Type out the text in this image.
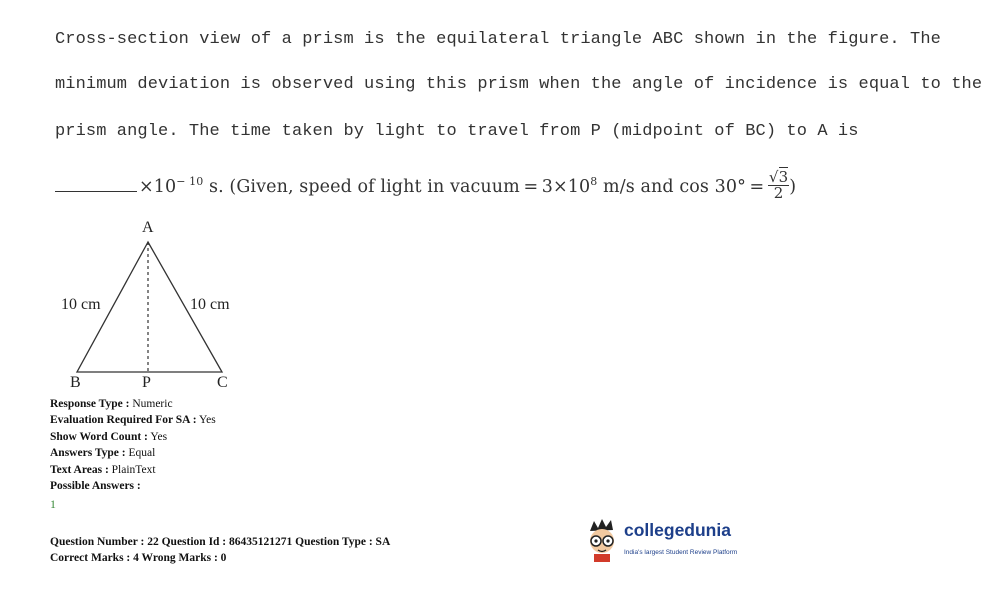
Cross-section view of a prism is the equilateral triangle ABC shown in the figure. The
minimum deviation is observed using this prism when the angle of incidence is equal to the
prism angle. The time taken by light to travel from P (midpoint of BC) to A is
$\times 10^{- 10}$ s. (Given, speed of light in vacuum = $3\times 10^8$ m/s and $\cos 30^\circ = \frac{√3}{2}$ )
A
B	P	C
10 cm	10 cm
Response Type : Numeric
Evaluation Required For SA : Yes
Show Word Count : Yes
Answers Type : Equal
Text Areas : PlainText
Possible Answers :
1
Question Number : 22 Question Id : 86435121271 Question Type : SA
Correct Marks : 4 Wrong Marks : 0
collegedunia
India's largest Student Review Platform
